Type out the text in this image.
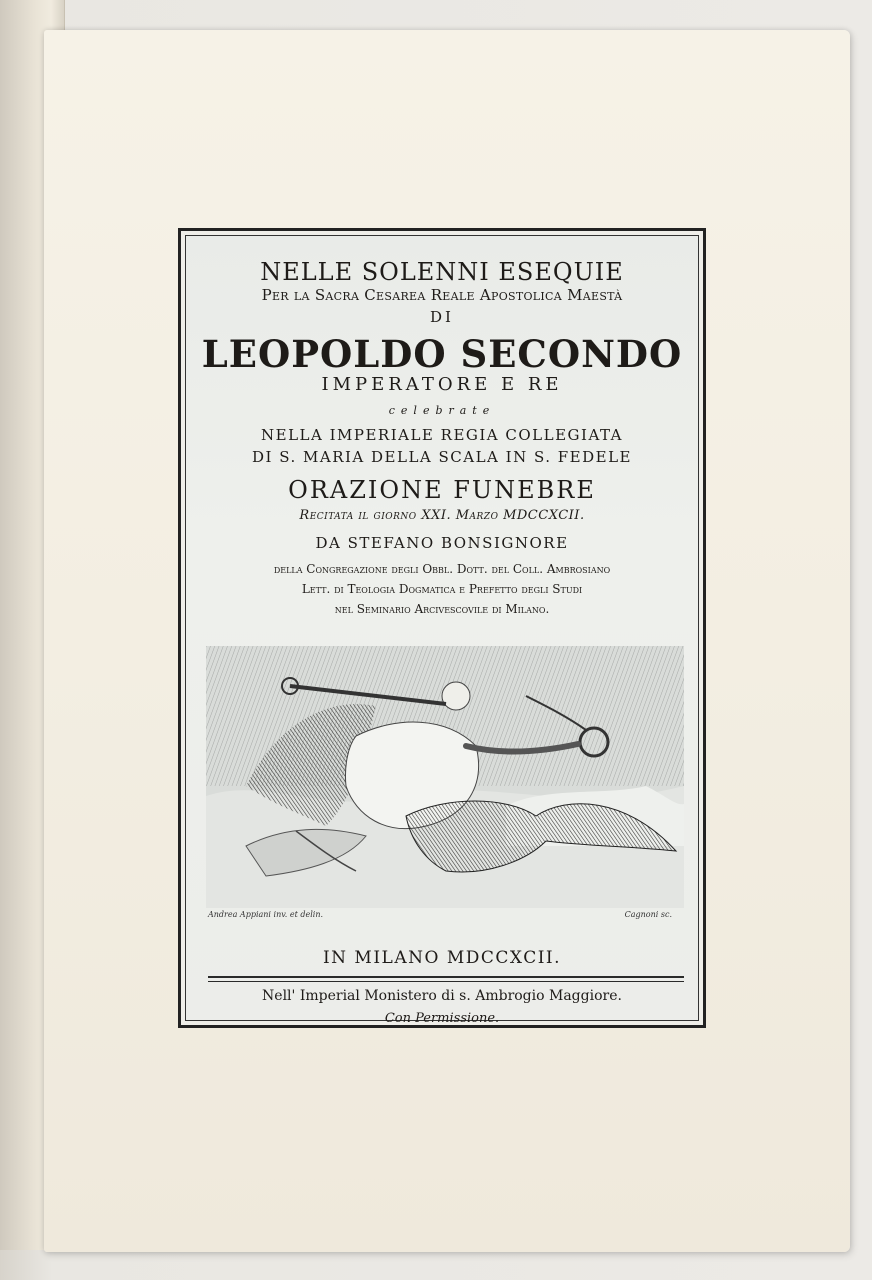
NELLE SOLENNI ESEQUIE
Per la Sacra Cesarea Reale Apostolica Maestà
DI
LEOPOLDO SECONDO
IMPERATORE E RE
celebrate
NELLA IMPERIALE REGIA COLLEGIATA
DI S. MARIA DELLA SCALA IN S. FEDELE
ORAZIONE FUNEBRE
Recitata il giorno XXI. Marzo MDCCXCII.
DA STEFANO BONSIGNORE
della Congregazione degli Obbl. Dott. del Coll. Ambrosiano
Lett. di Teologia Dogmatica e Prefetto degli Studi
nel Seminario Arcivescovile di Milano.
Andrea Appiani inv. et delin.	Cagnoni sc.
IN MILANO MDCCXCII.
Nell' Imperial Monistero di s. Ambrogio Maggiore.
Con Permissione.
